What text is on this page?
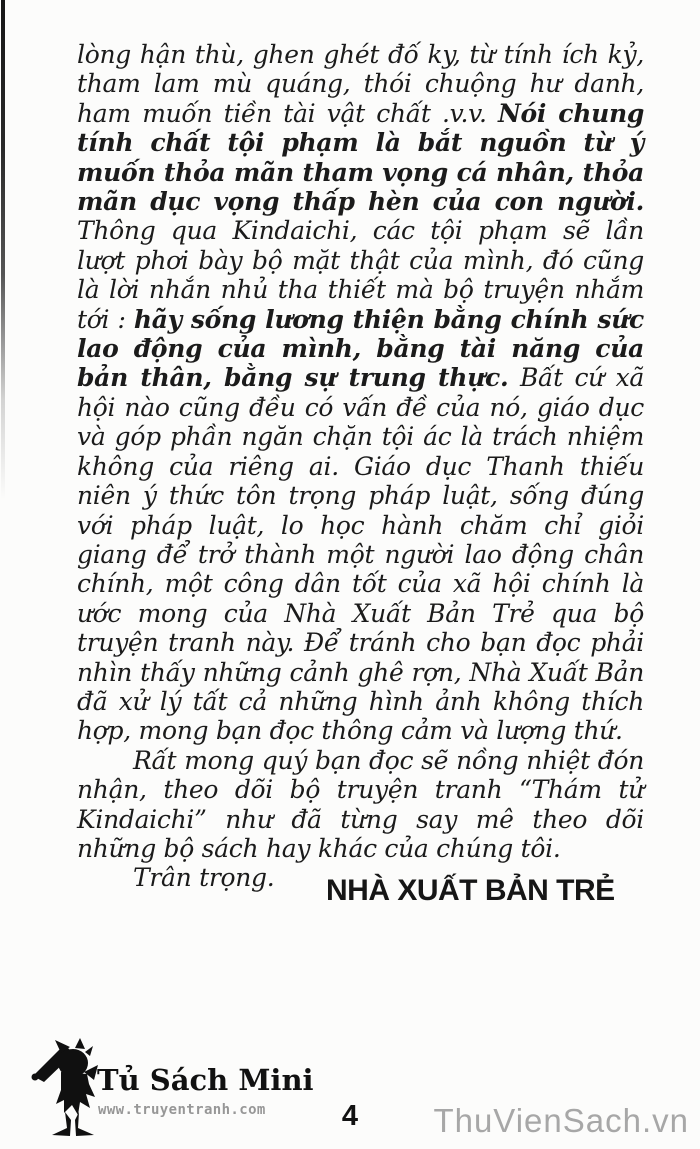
lòng hận thù, ghen ghét đố ky, từ tính ích kỷ, tham lam mù quáng, thói chuộng hư danh, ham muốn tiền tài vật chất .v.v. Nói chung tính chất tội phạm là bắt nguồn từ ý muốn thỏa mãn tham vọng cá nhân, thỏa mãn dục vọng thấp hèn của con người. Thông qua Kindaichi, các tội phạm sẽ lần lượt phơi bày bộ mặt thật của mình, đó cũng là lời nhắn nhủ tha thiết mà bộ truyện nhắm tới : hãy sống lương thiện bằng chính sức lao động của mình, bằng tài năng của bản thân, bằng sự trung thực. Bất cứ xã hội nào cũng đều có vấn đề của nó, giáo dục và góp phần ngăn chặn tội ác là trách nhiệm không của riêng ai. Giáo dục Thanh thiếu niên ý thức tôn trọng pháp luật, sống đúng với pháp luật, lo học hành chăm chỉ giỏi giang để trở thành một người lao động chân chính, một công dân tốt của xã hội chính là ước mong của Nhà Xuất Bản Trẻ qua bộ truyện tranh này. Để tránh cho bạn đọc phải nhìn thấy những cảnh ghê rợn, Nhà Xuất Bản đã xử lý tất cả những hình ảnh không thích hợp, mong bạn đọc thông cảm và lượng thứ.

Rất mong quý bạn đọc sẽ nồng nhiệt đón nhận, theo dõi bộ truyện tranh “Thám tử Kindaichi” như đã từng say mê theo dõi những bộ sách hay khác của chúng tôi.

Trân trọng.	NHÀ XUẤT BẢN TRẺ
Tủ Sách Mini
www.truyentranh.com	4	ThuVienSach.vn
